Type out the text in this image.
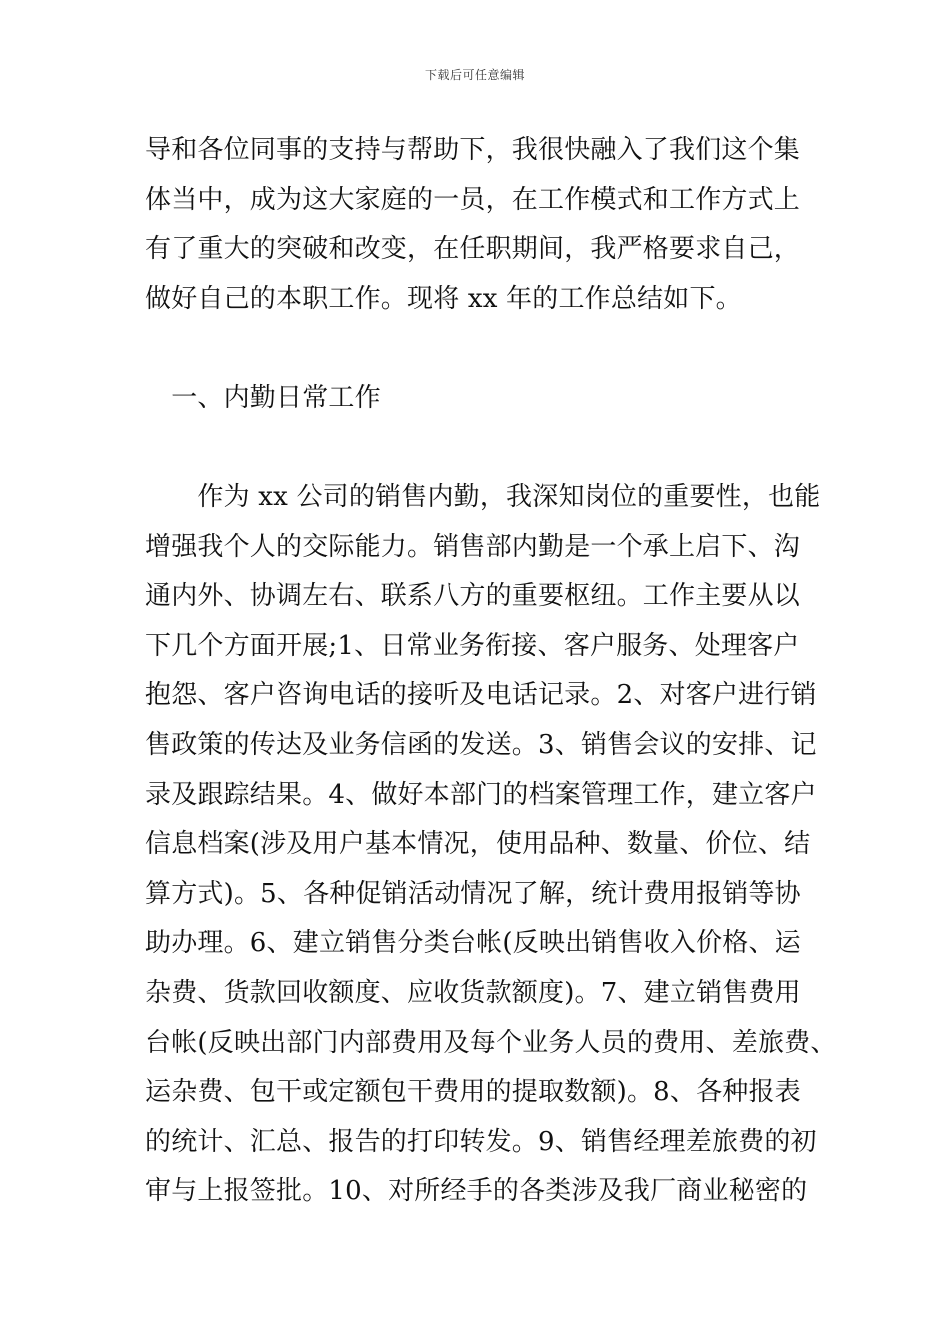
下载后可任意编辑
导和各位同事的支持与帮助下，我很快融入了我们这个集
体当中，成为这大家庭的一员，在工作模式和工作方式上
有了重大的突破和改变，在任职期间，我严格要求自己，
做好自己的本职工作。现将 xx 年的工作总结如下。
　一、内勤日常工作
　　作为 xx 公司的销售内勤，我深知岗位的重要性，也能
增强我个人的交际能力。销售部内勤是一个承上启下、沟
通内外、协调左右、联系八方的重要枢纽。工作主要从以
下几个方面开展;1、日常业务衔接、客户服务、处理客户
抱怨、客户咨询电话的接听及电话记录。2、对客户进行销
售政策的传达及业务信函的发送。3、销售会议的安排、记
录及跟踪结果。4、做好本部门的档案管理工作，建立客户
信息档案(涉及用户基本情况，使用品种、数量、价位、结
算方式)。5、各种促销活动情况了解，统计费用报销等协
助办理。6、建立销售分类台帐(反映出销售收入价格、运
杂费、货款回收额度、应收货款额度)。7、建立销售费用
台帐(反映出部门内部费用及每个业务人员的费用、差旅费、
运杂费、包干或定额包干费用的提取数额)。8、各种报表
的统计、汇总、报告的打印转发。9、销售经理差旅费的初
审与上报签批。10、对所经手的各类涉及我厂商业秘密的
